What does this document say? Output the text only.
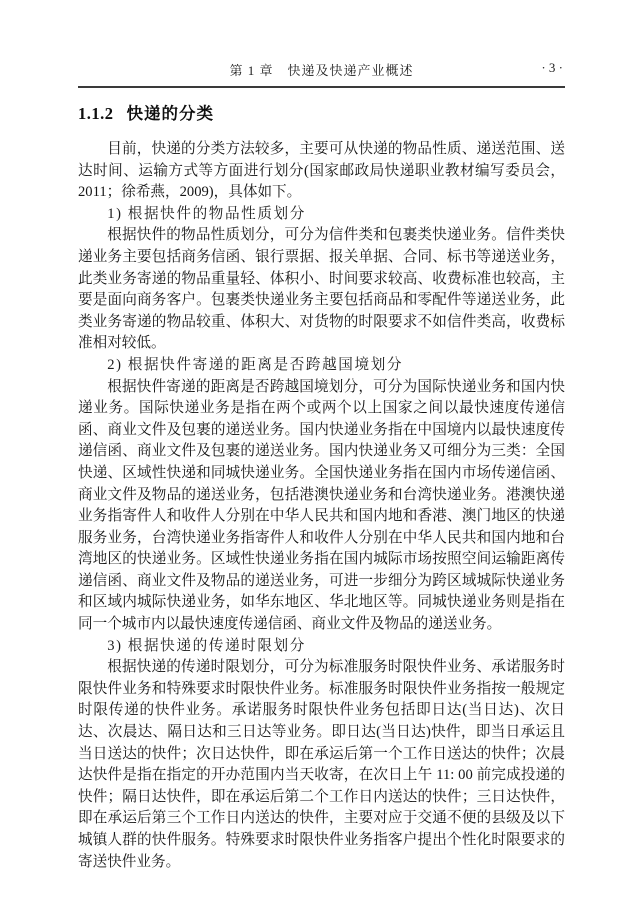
第 1 章　快递及快递产业概述	· 3 ·
1.1.2 快递的分类

目前，快递的分类方法较多，主要可从快递的物品性质、递送范围、送达时间、运输方式等方面进行划分(国家邮政局快递职业教材编写委员会，2011；徐希燕，2009)，具体如下。

1) 根据快件的物品性质划分

根据快件的物品性质划分，可分为信件类和包裹类快递业务。信件类快递业务主要包括商务信函、银行票据、报关单据、合同、标书等递送业务，此类业务寄递的物品重量轻、体积小、时间要求较高、收费标准也较高，主要是面向商务客户。包裹类快递业务主要包括商品和零配件等递送业务，此类业务寄递的物品较重、体积大、对货物的时限要求不如信件类高，收费标准相对较低。

2) 根据快件寄递的距离是否跨越国境划分

根据快件寄递的距离是否跨越国境划分，可分为国际快递业务和国内快递业务。国际快递业务是指在两个或两个以上国家之间以最快速度传递信函、商业文件及包裹的递送业务。国内快递业务指在中国境内以最快速度传递信函、商业文件及包裹的递送业务。国内快递业务又可细分为三类：全国快递、区域性快递和同城快递业务。全国快递业务指在国内市场传递信函、商业文件及物品的递送业务，包括港澳快递业务和台湾快递业务。港澳快递业务指寄件人和收件人分别在中华人民共和国内地和香港、澳门地区的快递服务业务，台湾快递业务指寄件人和收件人分别在中华人民共和国内地和台湾地区的快递业务。区域性快递业务指在国内城际市场按照空间运输距离传递信函、商业文件及物品的递送业务，可进一步细分为跨区域城际快递业务和区域内城际快递业务，如华东地区、华北地区等。同城快递业务则是指在同一个城市内以最快速度传递信函、商业文件及物品的递送业务。

3) 根据快递的传递时限划分

根据快递的传递时限划分，可分为标准服务时限快件业务、承诺服务时限快件业务和特殊要求时限快件业务。标准服务时限快件业务指按一般规定时限传递的快件业务。承诺服务时限快件业务包括即日达(当日达)、次日达、次晨达、隔日达和三日达等业务。即日达(当日达)快件，即当日承运且当日送达的快件；次日达快件，即在承运后第一个工作日送达的快件；次晨达快件是指在指定的开办范围内当天收寄，在次日上午 11: 00 前完成投递的快件；隔日达快件，即在承运后第二个工作日内送达的快件；三日达快件，即在承运后第三个工作日内送达的快件，主要对应于交通不便的县级及以下城镇人群的快件服务。特殊要求时限快件业务指客户提出个性化时限要求的寄送快件业务。
